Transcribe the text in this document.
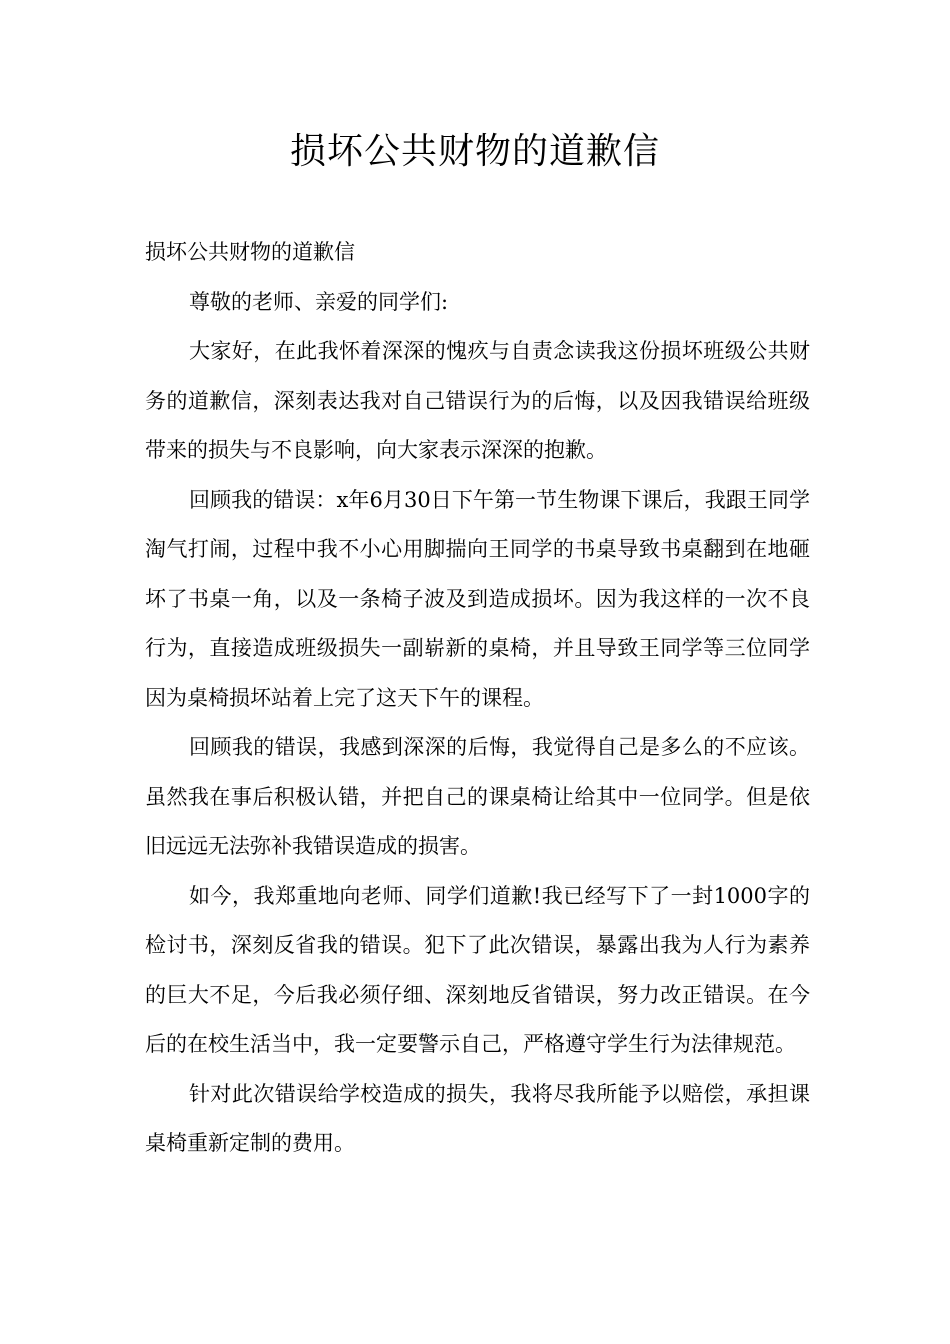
损坏公共财物的道歉信

损坏公共财物的道歉信

尊敬的老师、亲爱的同学们:

大家好，在此我怀着深深的愧疚与自责念读我这份损坏班级公共财务的道歉信，深刻表达我对自己错误行为的后悔，以及因我错误给班级带来的损失与不良影响，向大家表示深深的抱歉。

回顾我的错误：x年6月30日下午第一节生物课下课后，我跟王同学淘气打闹，过程中我不小心用脚揣向王同学的书桌导致书桌翻到在地砸坏了书桌一角，以及一条椅子波及到造成损坏。因为我这样的一次不良行为，直接造成班级损失一副崭新的桌椅，并且导致王同学等三位同学因为桌椅损坏站着上完了这天下午的课程。

回顾我的错误，我感到深深的后悔，我觉得自己是多么的不应该。虽然我在事后积极认错，并把自己的课桌椅让给其中一位同学。但是依旧远远无法弥补我错误造成的损害。

如今，我郑重地向老师、同学们道歉!我已经写下了一封1000字的检讨书，深刻反省我的错误。犯下了此次错误，暴露出我为人行为素养的巨大不足，今后我必须仔细、深刻地反省错误，努力改正错误。在今后的在校生活当中，我一定要警示自己，严格遵守学生行为法律规范。

针对此次错误给学校造成的损失，我将尽我所能予以赔偿，承担课桌椅重新定制的费用。
